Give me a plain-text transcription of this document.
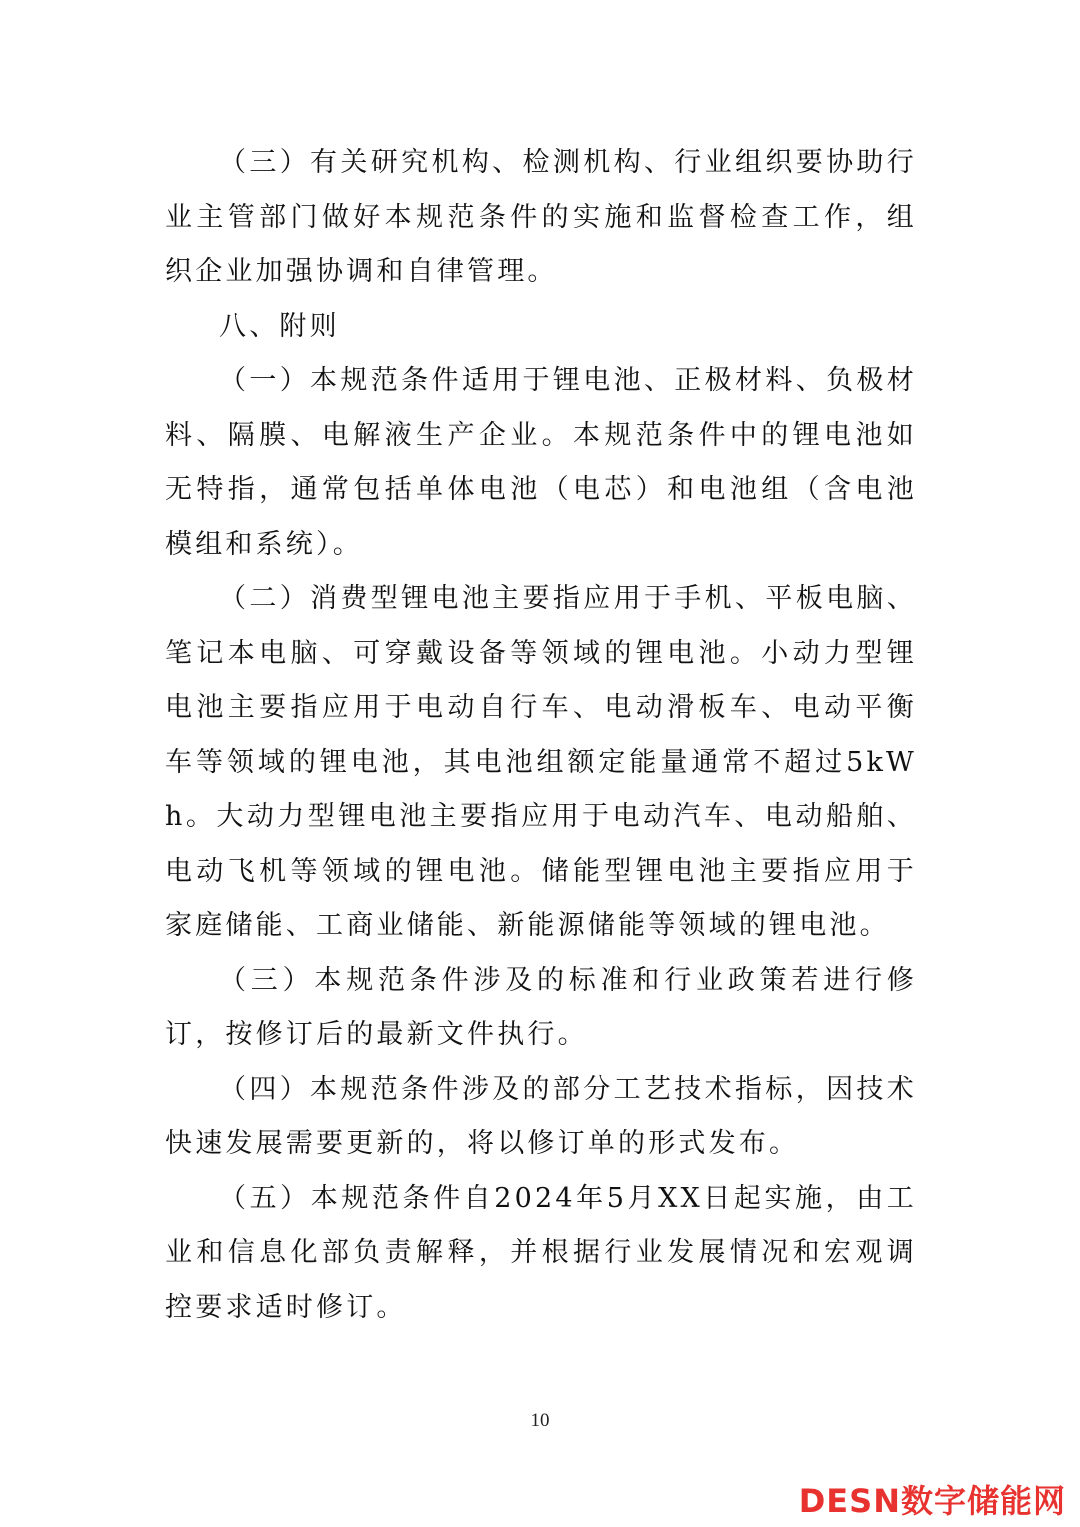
（三）有关研究机构、检测机构、行业组织要协助行业主管部门做好本规范条件的实施和监督检查工作，组织企业加强协调和自律管理。

八、附则

（一）本规范条件适用于锂电池、正极材料、负极材料、隔膜、电解液生产企业。本规范条件中的锂电池如无特指，通常包括单体电池（电芯）和电池组（含电池模组和系统）。

（二）消费型锂电池主要指应用于手机、平板电脑、笔记本电脑、可穿戴设备等领域的锂电池。小动力型锂电池主要指应用于电动自行车、电动滑板车、电动平衡车等领域的锂电池，其电池组额定能量通常不超过5kWh。大动力型锂电池主要指应用于电动汽车、电动船舶、电动飞机等领域的锂电池。储能型锂电池主要指应用于家庭储能、工商业储能、新能源储能等领域的锂电池。

（三）本规范条件涉及的标准和行业政策若进行修订，按修订后的最新文件执行。

（四）本规范条件涉及的部分工艺技术指标，因技术快速发展需要更新的，将以修订单的形式发布。

（五）本规范条件自2024年5月XX日起实施，由工业和信息化部负责解释，并根据行业发展情况和宏观调控要求适时修订。

10
DESN数字储能网
